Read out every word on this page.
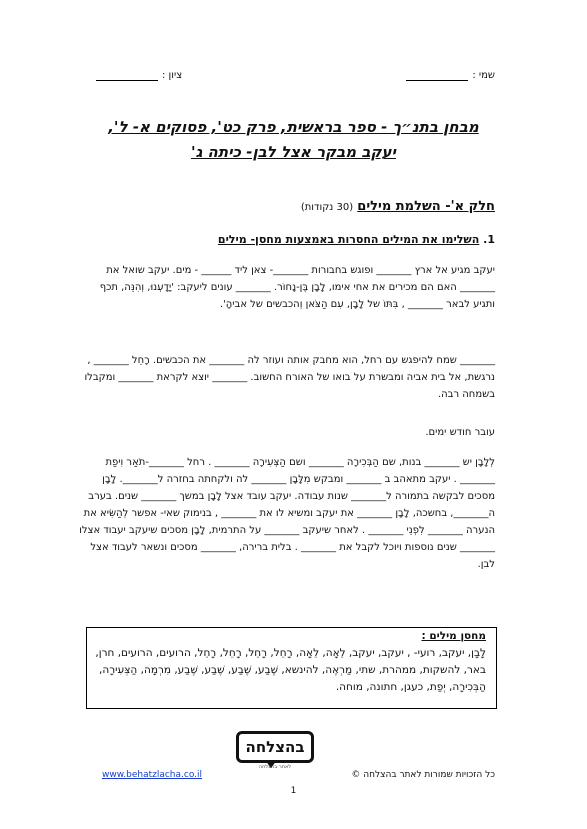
שמי :
ציון :
מבחן בתנ״ך - ספר בראשית, פרק כט', פסוקים א- ל',
יעקב מבקר אצל לבן- כיתה ג'
חלק א'- השלמת מילים (30 נקודות)
1. השלימו את המילים החסרות באמצעות מחסן- מילים
יעקב מגיע אל ארץ _______ ופוגש בחבורות _______- צאן ליד ______ - מים. יעקב שואל את _______ האם הם מכירים את אחי אימו, לָבָן בֶּן-נָחוֹר. _______ עונים ליעקב: 'יָדָעְנוּ, וְהִנֵּה, תכף ותגיע לבאר _______ , בִּתּוֹ של לָבָן, עִם הַצֹּאן וְהכבשים של אביהָ'.
_______ שמח להיפגש עם רחל, הוא מחבק אותה ועוזר לה _______ את הכבשים. רָחֵל _______ , נרגשת, אל בית אביה ומבשרת על בואו של האורח החשוב. _______ יוצא לקראת _______ ומקבלו בשמחה רבה.
עובר חודש ימים.
לְלָבָן יש _______ בנות, שם הַבְּכִירָה _______ ושם הַצְּעִירָה _______ . רחל _______-תֹאַר וִיפַת _______ . יעקב מתאהב ב _______ ומבקש מִלָּבָן _______ לה ולקחתה בחזרה ל_______. לָבָן מסכים לבקשה בתמורה ל_______ שנות עבודה. יעקב עובד אצל לָבָן במשך _______ שנים. בערב ה_______, בחשכה, לָבָן _______ את יעקב ומשיא לו את _______ , בנימוק שאי- אפשר לְהַשִּׂיא את הנערה _______ לִפְנֵי _______ . לאחר שיעקב _______ על התרמית, לָבָן מסכים שיעקב יעבוד אצלו _______ שנים נוספות ויוכל לקבל את _______ . בלית ברירה, _______ מסכים ונשאר לעבוד אצל לבן.
מחסן מילים :
לָבָן, יעקב, רועי- , יעקב, יעקב, לֵאָה, לֵאָה, רָחֵל, רָחֵל, רָחֵל, רָחֵל, הרועים, הרועים, חרן, באר, להשקות, ממהרת, שתי, מַרְאֶה, להינשא, שֶׁבַע, שֶׁבַע, שֶׁבַע, שֶׁבַע, מִרְמָה, הַצְּעִירָה, הַבְּכִירָה, יְפַת, כעגן, חתונה, מוחה.
בהצלחה
לאתר בהצלחה
www.behatzlacha.co.il	כל הזכויות שמורות לאתר בהצלחה ©
1
